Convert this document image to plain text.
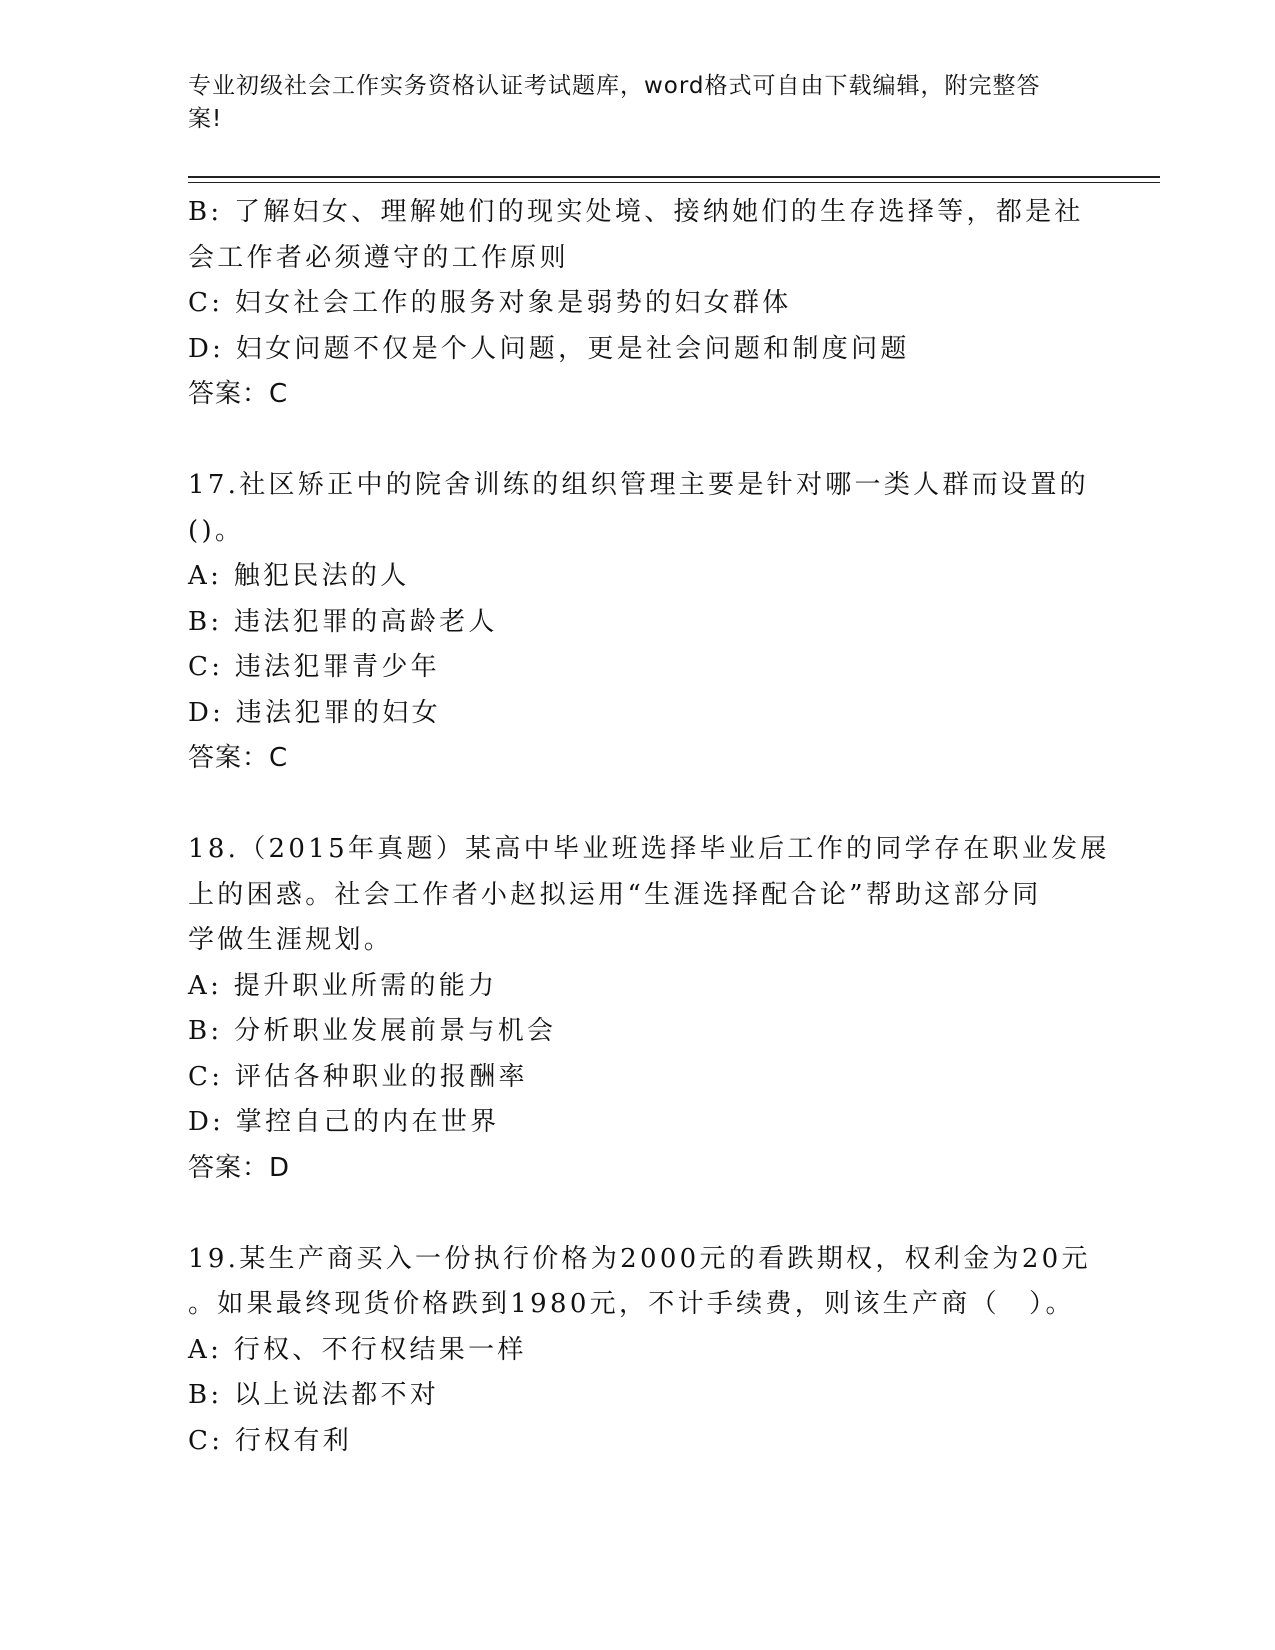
专业初级社会工作实务资格认证考试题库，word格式可自由下载编辑，附完整答
案!
B: 了解妇女、理解她们的现实处境、接纳她们的生存选择等，都是社
会工作者必须遵守的工作原则
C: 妇女社会工作的服务对象是弱势的妇女群体
D: 妇女问题不仅是个人问题，更是社会问题和制度问题
答案：C
17.社区矫正中的院舍训练的组织管理主要是针对哪一类人群而设置的
()。
A: 触犯民法的人
B: 违法犯罪的高龄老人
C: 违法犯罪青少年
D: 违法犯罪的妇女
答案：C
18.（2015年真题）某高中毕业班选择毕业后工作的同学存在职业发展
上的困惑。社会工作者小赵拟运用“生涯选择配合论”帮助这部分同
学做生涯规划。
A: 提升职业所需的能力
B: 分析职业发展前景与机会
C: 评估各种职业的报酬率
D: 掌控自己的内在世界
答案：D
19.某生产商买入一份执行价格为2000元的看跌期权，权利金为20元
。如果最终现货价格跌到1980元，不计手续费，则该生产商（　）。
A: 行权、不行权结果一样
B: 以上说法都不对
C: 行权有利
